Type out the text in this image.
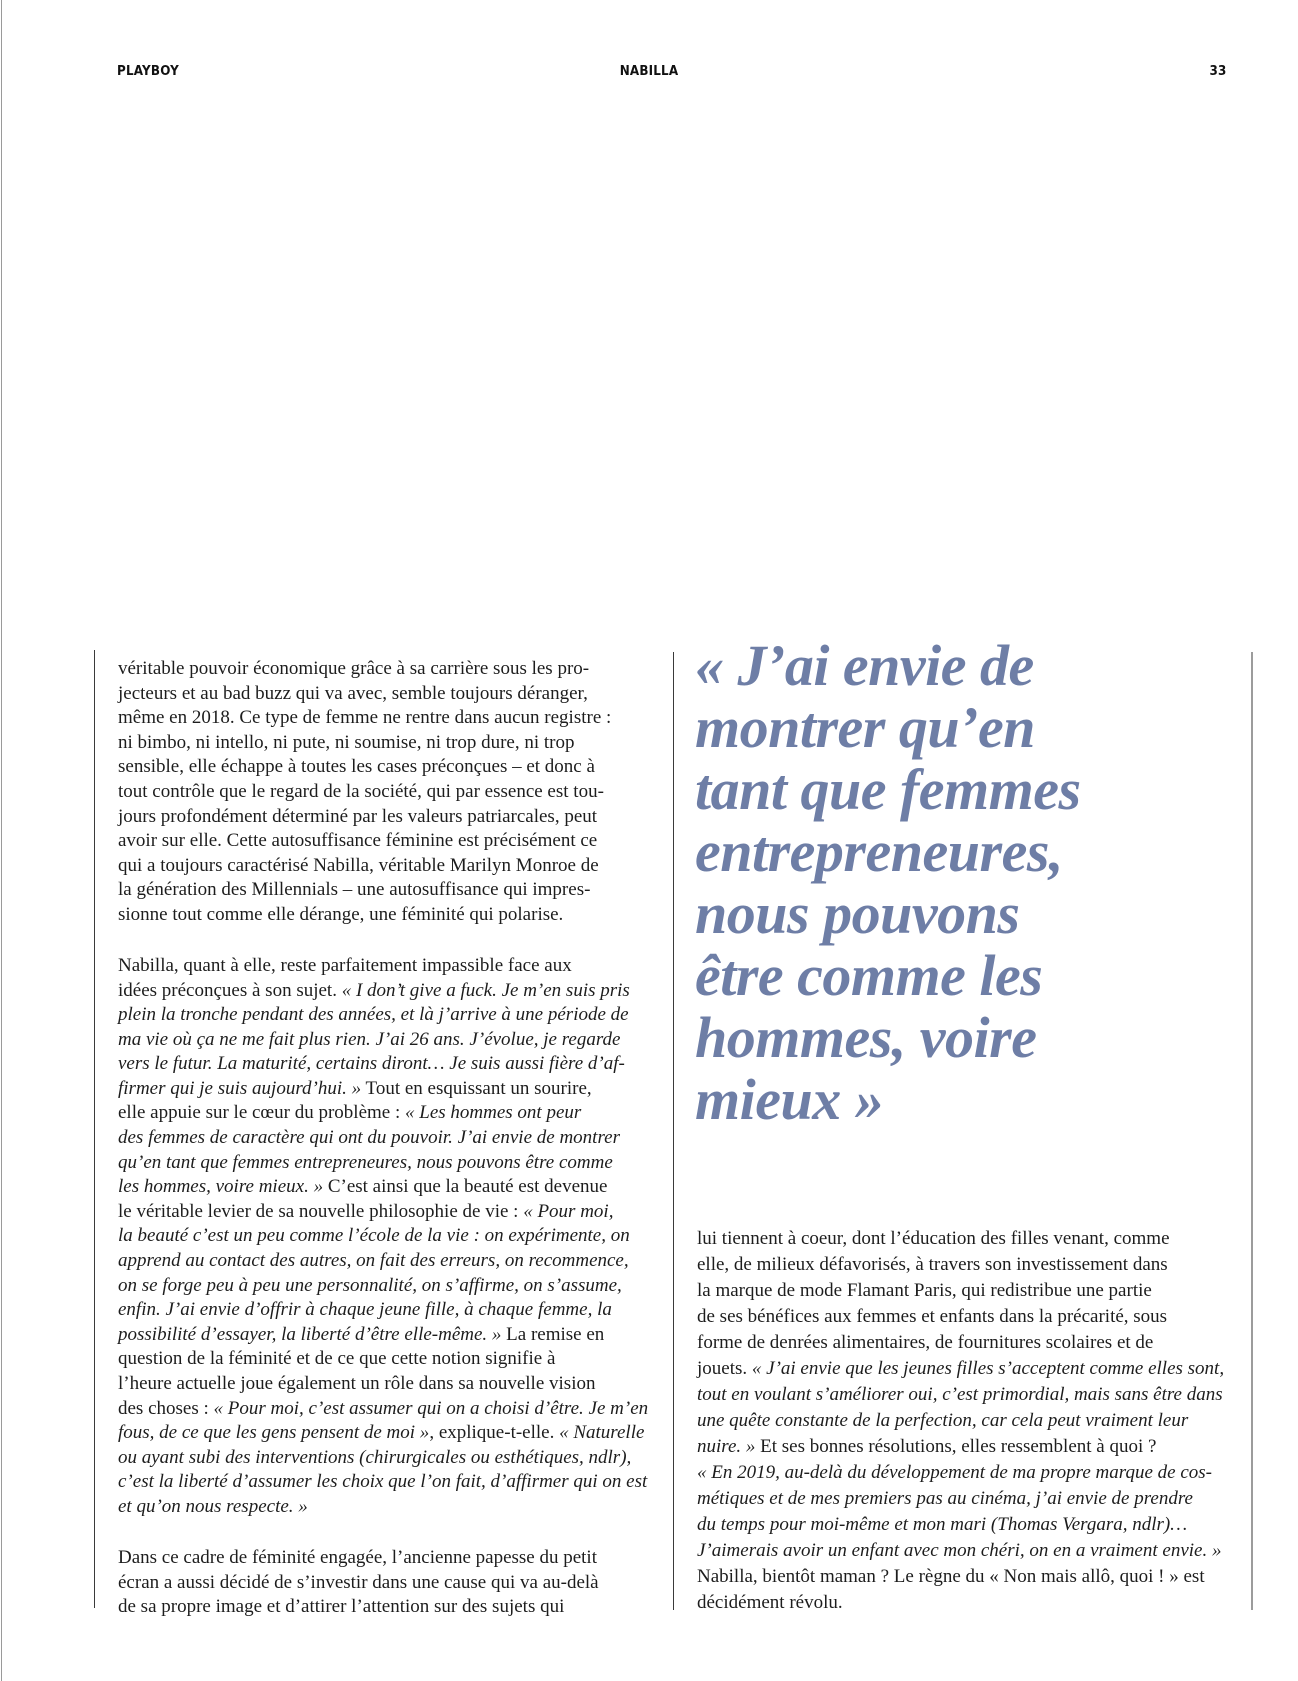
PLAYBOY	NABILLA	33
véritable pouvoir économique grâce à sa carrière sous les pro-
jecteurs et au bad buzz qui va avec, semble toujours déranger,
même en 2018. Ce type de femme ne rentre dans aucun registre :
ni bimbo, ni intello, ni pute, ni soumise, ni trop dure, ni trop
sensible, elle échappe à toutes les cases préconçues – et donc à
tout contrôle que le regard de la société, qui par essence est tou-
jours profondément déterminé par les valeurs patriarcales, peut
avoir sur elle. Cette autosuffisance féminine est précisément ce
qui a toujours caractérisé Nabilla, véritable Marilyn Monroe de
la génération des Millennials – une autosuffisance qui impres-
sionne tout comme elle dérange, une féminité qui polarise.
Nabilla, quant à elle, reste parfaitement impassible face aux
idées préconçues à son sujet. « I don’t give a fuck. Je m’en suis pris
plein la tronche pendant des années, et là j’arrive à une période de
ma vie où ça ne me fait plus rien. J’ai 26 ans. J’évolue, je regarde
vers le futur. La maturité, certains diront… Je suis aussi fière d’af-
firmer qui je suis aujourd’hui. » Tout en esquissant un sourire,
elle appuie sur le cœur du problème : « Les hommes ont peur
des femmes de caractère qui ont du pouvoir. J’ai envie de montrer
qu’en tant que femmes entrepreneures, nous pouvons être comme
les hommes, voire mieux. » C’est ainsi que la beauté est devenue
le véritable levier de sa nouvelle philosophie de vie : « Pour moi,
la beauté c’est un peu comme l’école de la vie : on expérimente, on
apprend au contact des autres, on fait des erreurs, on recommence,
on se forge peu à peu une personnalité, on s’affirme, on s’assume,
enfin. J’ai envie d’offrir à chaque jeune fille, à chaque femme, la
possibilité d’essayer, la liberté d’être elle-même. » La remise en
question de la féminité et de ce que cette notion signifie à
l’heure actuelle joue également un rôle dans sa nouvelle vision
des choses : « Pour moi, c’est assumer qui on a choisi d’être. Je m’en
fous, de ce que les gens pensent de moi », explique-t-elle. « Naturelle
ou ayant subi des interventions (chirurgicales ou esthétiques, ndlr),
c’est la liberté d’assumer les choix que l’on fait, d’affirmer qui on est
et qu’on nous respecte. »
Dans ce cadre de féminité engagée, l’ancienne papesse du petit
écran a aussi décidé de s’investir dans une cause qui va au-delà
de sa propre image et d’attirer l’attention sur des sujets qui
« J’ai envie de
montrer qu’en
tant que femmes
entrepreneures,
nous pouvons
être comme les
hommes, voire
mieux »
lui tiennent à coeur, dont l’éducation des filles venant, comme
elle, de milieux défavorisés, à travers son investissement dans
la marque de mode Flamant Paris, qui redistribue une partie
de ses bénéfices aux femmes et enfants dans la précarité, sous
forme de denrées alimentaires, de fournitures scolaires et de
jouets. « J’ai envie que les jeunes filles s’acceptent comme elles sont,
tout en voulant s’améliorer oui, c’est primordial, mais sans être dans
une quête constante de la perfection, car cela peut vraiment leur
nuire. » Et ses bonnes résolutions, elles ressemblent à quoi ?
« En 2019, au-delà du développement de ma propre marque de cos-
métiques et de mes premiers pas au cinéma, j’ai envie de prendre
du temps pour moi-même et mon mari (Thomas Vergara, ndlr)…
J’aimerais avoir un enfant avec mon chéri, on en a vraiment envie. »
Nabilla, bientôt maman ? Le règne du « Non mais allô, quoi ! » est
décidément révolu.
